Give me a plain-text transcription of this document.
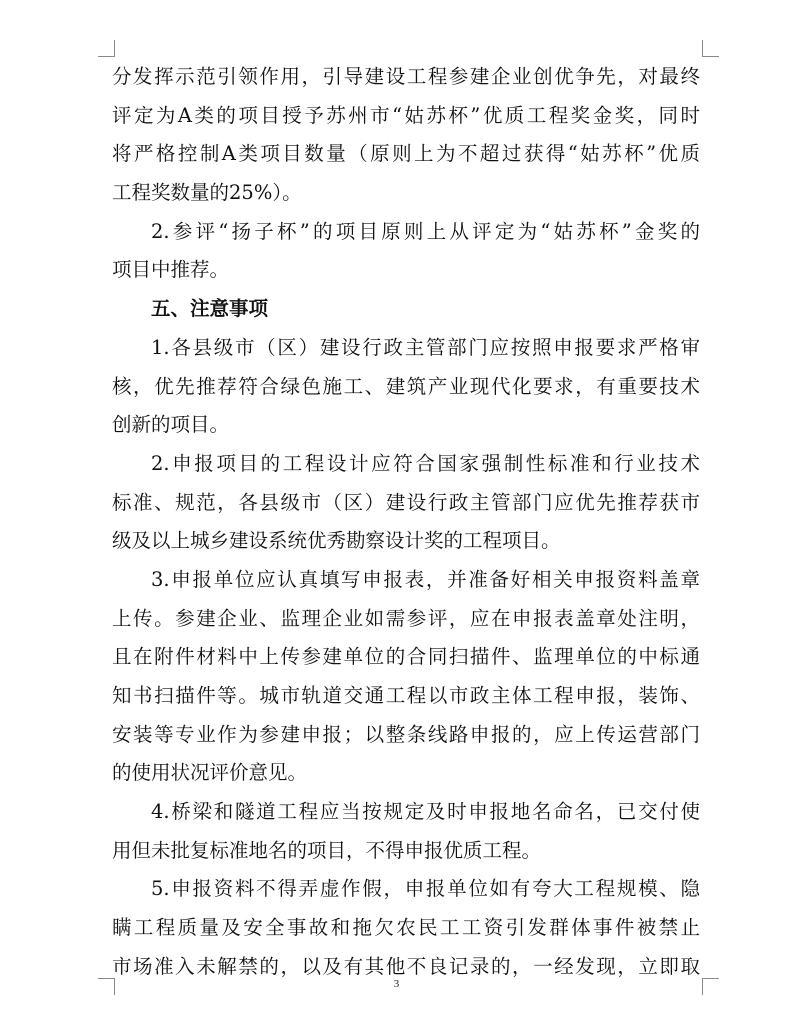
分发挥示范引领作用，引导建设工程参建企业创优争先，对最终
评定为A类的项目授予苏州市“姑苏杯”优质工程奖金奖，同时
将严格控制A类项目数量（原则上为不超过获得“姑苏杯”优质
工程奖数量的25%）。
2.参评“扬子杯”的项目原则上从评定为“姑苏杯”金奖的
项目中推荐。
五、注意事项
1.各县级市（区）建设行政主管部门应按照申报要求严格审
核，优先推荐符合绿色施工、建筑产业现代化要求，有重要技术
创新的项目。
2.申报项目的工程设计应符合国家强制性标准和行业技术
标准、规范，各县级市（区）建设行政主管部门应优先推荐获市
级及以上城乡建设系统优秀勘察设计奖的工程项目。
3.申报单位应认真填写申报表，并准备好相关申报资料盖章
上传。参建企业、监理企业如需参评，应在申报表盖章处注明，
且在附件材料中上传参建单位的合同扫描件、监理单位的中标通
知书扫描件等。城市轨道交通工程以市政主体工程申报，装饰、
安装等专业作为参建申报；以整条线路申报的，应上传运营部门
的使用状况评价意见。
4.桥梁和隧道工程应当按规定及时申报地名命名，已交付使
用但未批复标准地名的项目，不得申报优质工程。
5.申报资料不得弄虚作假，申报单位如有夸大工程规模、隐
瞒工程质量及安全事故和拖欠农民工工资引发群体事件被禁止
市场准入未解禁的，以及有其他不良记录的，一经发现，立即取
3
